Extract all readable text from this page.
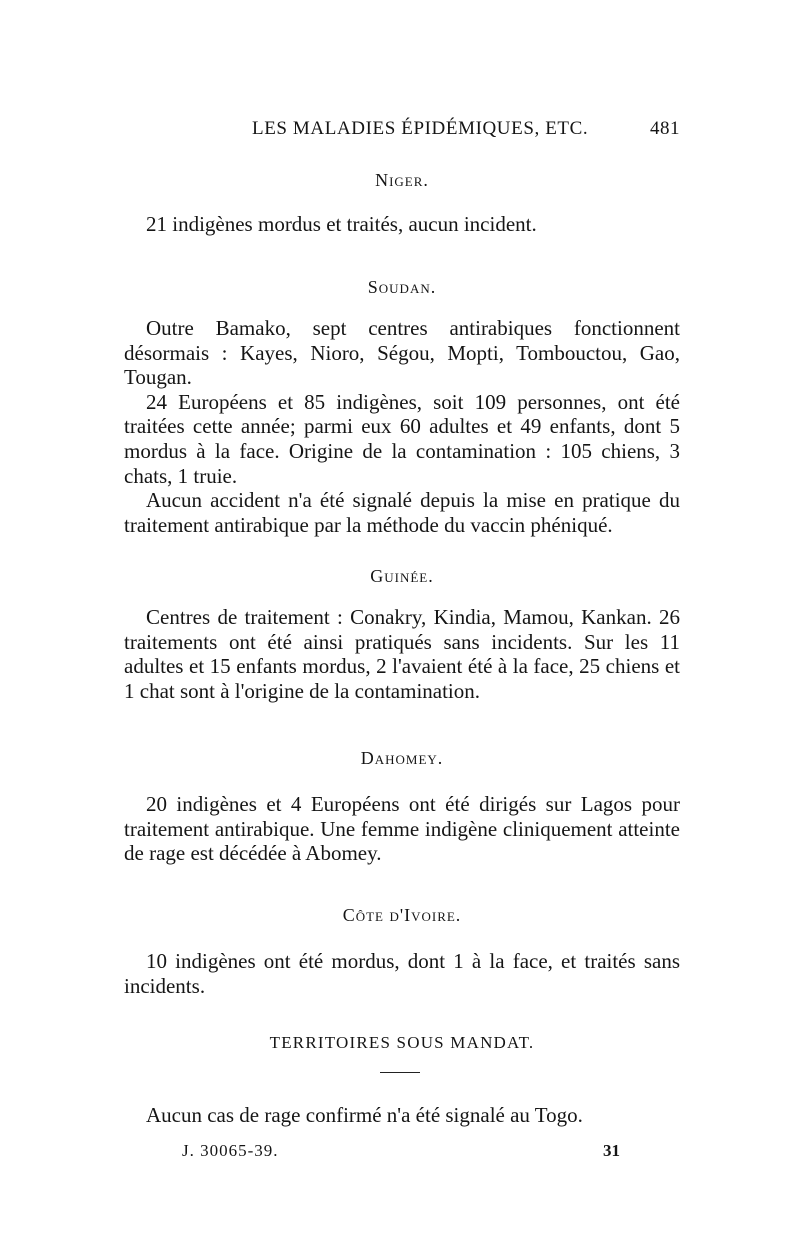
LES MALADIES ÉPIDÉMIQUES, ETC.	481
Niger.

21 indigènes mordus et traités, aucun incident.

Soudan.

Outre Bamako, sept centres antirabiques fonctionnent désormais : Kayes, Nioro, Ségou, Mopti, Tombouctou, Gao, Tougan.

24 Européens et 85 indigènes, soit 109 personnes, ont été traitées cette année; parmi eux 60 adultes et 49 enfants, dont 5 mordus à la face. Origine de la contamination : 105 chiens, 3 chats, 1 truie.

Aucun accident n'a été signalé depuis la mise en pratique du traitement antirabique par la méthode du vaccin phéniqué.

Guinée.

Centres de traitement : Conakry, Kindia, Mamou, Kankan. 26 traitements ont été ainsi pratiqués sans incidents. Sur les 11 adultes et 15 enfants mordus, 2 l'avaient été à la face, 25 chiens et 1 chat sont à l'origine de la contamination.

Dahomey.

20 indigènes et 4 Européens ont été dirigés sur Lagos pour traitement antirabique. Une femme indigène cliniquement atteinte de rage est décédée à Abomey.

Côte d'Ivoire.

10 indigènes ont été mordus, dont 1 à la face, et traités sans incidents.

TERRITOIRES SOUS MANDAT.

Aucun cas de rage confirmé n'a été signalé au Togo.

J. 30065-39.	31
